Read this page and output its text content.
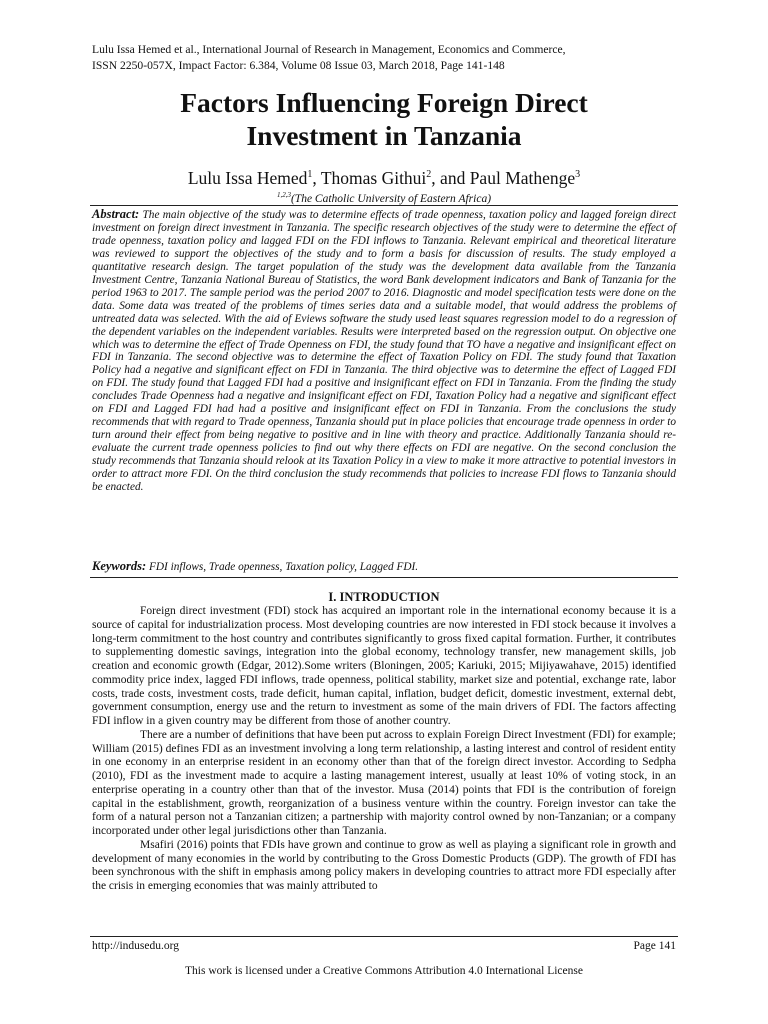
Lulu Issa Hemed et al., International Journal of Research in Management, Economics and Commerce,
ISSN 2250-057X, Impact Factor: 6.384, Volume 08 Issue 03, March 2018, Page 141-148
Factors Influencing Foreign Direct
Investment in Tanzania
Lulu Issa Hemed$^1$, Thomas Githui$^2$, and Paul Mathenge$^3$
$^{1,2,3}$(The Catholic University of Eastern Africa)
Abstract: The main objective of the study was to determine effects of trade openness, taxation policy and lagged foreign direct investment on foreign direct investment in Tanzania. The specific research objectives of the study were to determine the effect of trade openness, taxation policy and lagged FDI on the FDI inflows to Tanzania. Relevant empirical and theoretical literature was reviewed to support the objectives of the study and to form a basis for discussion of results. The study employed a quantitative research design. The target population of the study was the development data available from the Tanzania Investment Centre, Tanzania National Bureau of Statistics, the word Bank development indicators and Bank of Tanzania for the period 1963 to 2017. The sample period was the period 2007 to 2016. Diagnostic and model specification tests were done on the data. Some data was treated of the problems of times series data and a suitable model, that would address the problems of untreated data was selected. With the aid of Eviews software the study used least squares regression model to do a regression of the dependent variables on the independent variables. Results were interpreted based on the regression output. On objective one which was to determine the effect of Trade Openness on FDI, the study found that TO have a negative and insignificant effect on FDI in Tanzania. The second objective was to determine the effect of Taxation Policy on FDI. The study found that Taxation Policy had a negative and significant effect on FDI in Tanzania. The third objective was to determine the effect of Lagged FDI on FDI. The study found that Lagged FDI had a positive and insignificant effect on FDI in Tanzania. From the finding the study concludes Trade Openness had a negative and insignificant effect on FDI, Taxation Policy had a negative and significant effect on FDI and Lagged FDI had had a positive and insignificant effect on FDI in Tanzania. From the conclusions the study recommends that with regard to Trade openness, Tanzania should put in place policies that encourage trade openness in order to turn around their effect from being negative to positive and in line with theory and practice. Additionally Tanzania should re-evaluate the current trade openness policies to find out why there effects on FDI are negative. On the second conclusion the study recommends that Tanzania should relook at its Taxation Policy in a view to make it more attractive to potential investors in order to attract more FDI. On the third conclusion the study recommends that policies to increase FDI flows to Tanzania should be enacted.
Keywords: FDI inflows, Trade openness, Taxation policy, Lagged FDI.
I. INTRODUCTION

Foreign direct investment (FDI) stock has acquired an important role in the international economy because it is a source of capital for industrialization process. Most developing countries are now interested in FDI stock because it involves a long-term commitment to the host country and contributes significantly to gross fixed capital formation. Further, it contributes to supplementing domestic savings, integration into the global economy, technology transfer, new management skills, job creation and economic growth (Edgar, 2012).Some writers (Bloningen, 2005; Kariuki, 2015; Mijiyawahave, 2015) identified commodity price index, lagged FDI inflows, trade openness, political stability, market size and potential, exchange rate, labor costs, trade costs, investment costs, trade deficit, human capital, inflation, budget deficit, domestic investment, external debt, government consumption, energy use and the return to investment as some of the main drivers of FDI. The factors affecting FDI inflow in a given country may be different from those of another country.

There are a number of definitions that have been put across to explain Foreign Direct Investment (FDI) for example; William (2015) defines FDI as an investment involving a long term relationship, a lasting interest and control of resident entity in one economy in an enterprise resident in an economy other than that of the foreign direct investor. According to Sedpha (2010), FDI as the investment made to acquire a lasting management interest, usually at least 10% of voting stock, in an enterprise operating in a country other than that of the investor. Musa (2014) points that FDI is the contribution of foreign capital in the establishment, growth, reorganization of a business venture within the country. Foreign investor can take the form of a natural person not a Tanzanian citizen; a partnership with majority control owned by non-Tanzanian; or a company incorporated under other legal jurisdictions other than Tanzania.

Msafiri (2016) points that FDIs have grown and continue to grow as well as playing a significant role in growth and development of many economies in the world by contributing to the Gross Domestic Products (GDP). The growth of FDI has been synchronous with the shift in emphasis among policy makers in developing countries to attract more FDI especially after the crisis in emerging economies that was mainly attributed to

http://indusedu.org	Page 141
This work is licensed under a Creative Commons Attribution 4.0 International License
